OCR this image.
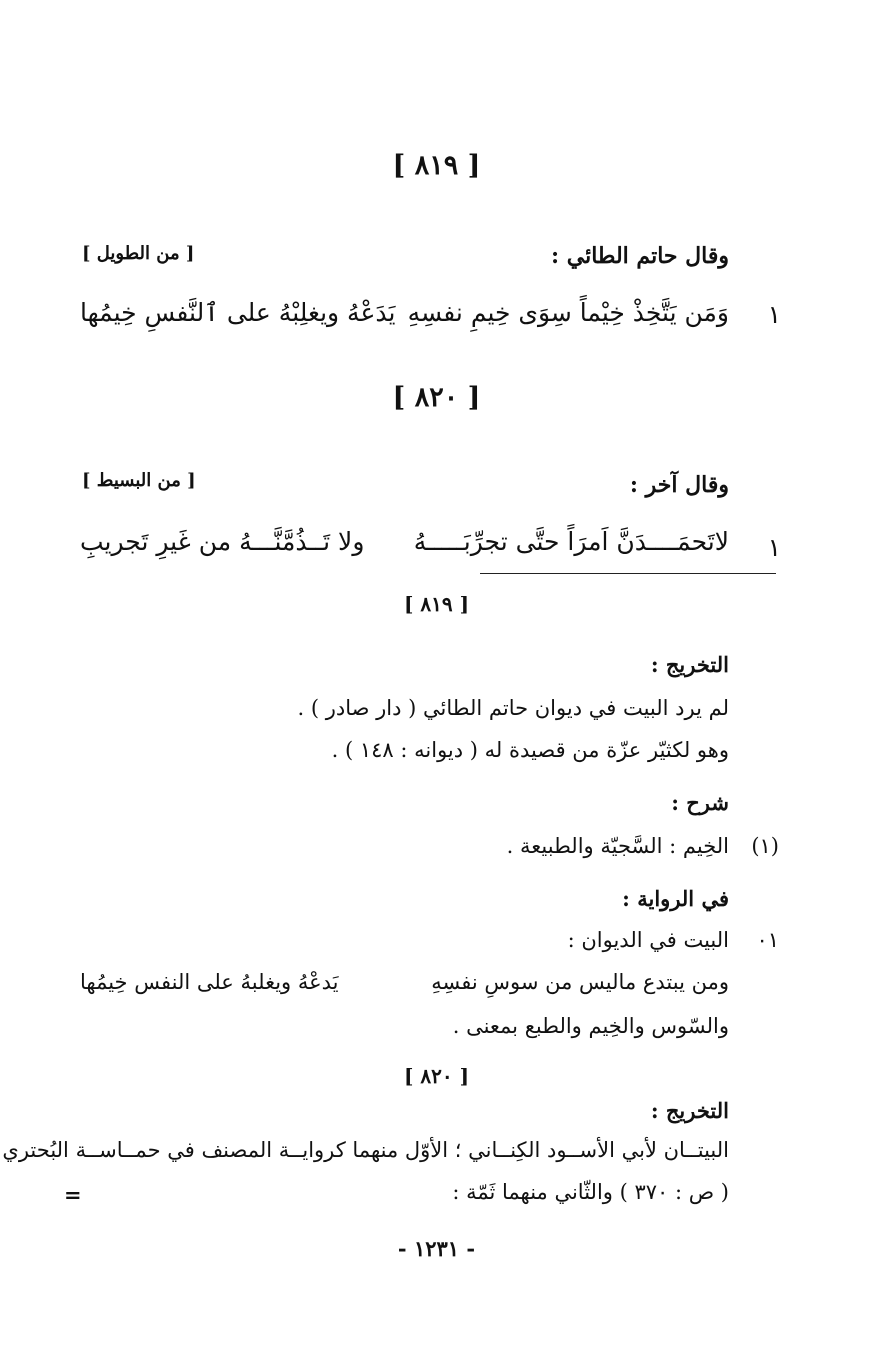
[ ٨١٩ ]
وقال حاتم الطائي :
[ من الطويل ]
١
وَمَن يَتَّخِذْ خِيْماً سِوَى خِيمِ نفسِهِ
يَدَعْهُ ويغلِبْهُ على ٱلنَّفسِ خِيمُها
[ ٨٢٠ ]
وقال آخر :
[ من البسيط ]
١
لاتَحمَــــدَنَّ اَمرَاً حتَّى تجرِّبَـــــهُ
ولا تَــذُمَّنَّـــهُ من غَيرِ تَجريبِ
[ ٨١٩ ]
التخريج :
لم يرد البيت في ديوان حاتم الطائي ( دار صادر ) .
وهو لكثيّر عزّة من قصيدة له ( ديوانه : ١٤٨ ) .
شرح :
(١)
الخِيم : السَّجيّة والطبيعة .
في الرواية :
٠١
البيت في الديوان :
ومن يبتدع ماليس من سوسِ نفسِهِ
يَدعْهُ ويغلبهُ على النفس خِيمُها
والسّوس والخِيم والطبع بمعنى .
[ ٨٢٠ ]
التخريج :
البيتــان لأبي الأســود الكِنــاني ؛ الأوّل منهما كروايــة المصنف في حمــاســة البُحتري
( ص : ٣٧٠ ) والثّاني منهما ثَمّة :
=
- ١٢٣١ -
